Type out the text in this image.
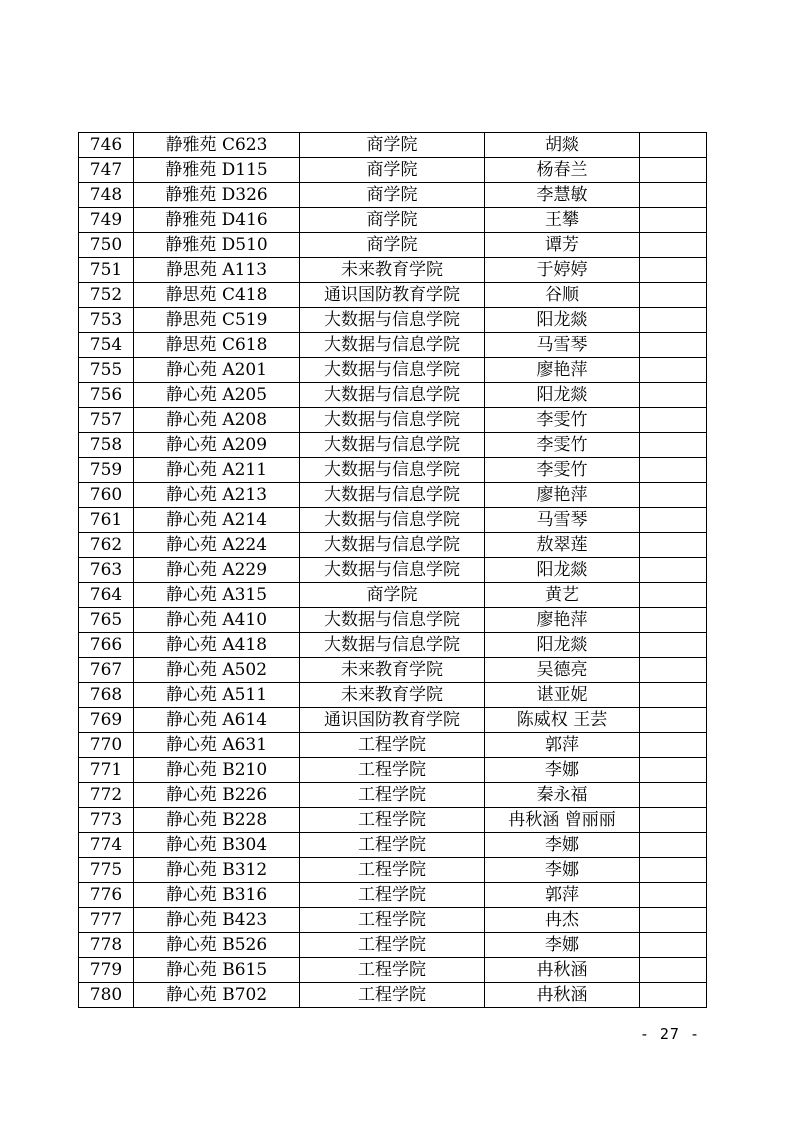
746	静雅苑 C623	商学院	胡燚	
747	静雅苑 D115	商学院	杨春兰	
748	静雅苑 D326	商学院	李慧敏	
749	静雅苑 D416	商学院	王攀	
750	静雅苑 D510	商学院	谭芳	
751	静思苑 A113	未来教育学院	于婷婷	
752	静思苑 C418	通识国防教育学院	谷顺	
753	静思苑 C519	大数据与信息学院	阳龙燚	
754	静思苑 C618	大数据与信息学院	马雪琴	
755	静心苑 A201	大数据与信息学院	廖艳萍	
756	静心苑 A205	大数据与信息学院	阳龙燚	
757	静心苑 A208	大数据与信息学院	李雯竹	
758	静心苑 A209	大数据与信息学院	李雯竹	
759	静心苑 A211	大数据与信息学院	李雯竹	
760	静心苑 A213	大数据与信息学院	廖艳萍	
761	静心苑 A214	大数据与信息学院	马雪琴	
762	静心苑 A224	大数据与信息学院	敖翠莲	
763	静心苑 A229	大数据与信息学院	阳龙燚	
764	静心苑 A315	商学院	黄艺	
765	静心苑 A410	大数据与信息学院	廖艳萍	
766	静心苑 A418	大数据与信息学院	阳龙燚	
767	静心苑 A502	未来教育学院	吴德亮	
768	静心苑 A511	未来教育学院	谌亚妮	
769	静心苑 A614	通识国防教育学院	陈威权 王芸	
770	静心苑 A631	工程学院	郭萍	
771	静心苑 B210	工程学院	李娜	
772	静心苑 B226	工程学院	秦永福	
773	静心苑 B228	工程学院	冉秋涵 曾丽丽	
774	静心苑 B304	工程学院	李娜	
775	静心苑 B312	工程学院	李娜	
776	静心苑 B316	工程学院	郭萍	
777	静心苑 B423	工程学院	冉杰	
778	静心苑 B526	工程学院	李娜	
779	静心苑 B615	工程学院	冉秋涵	
780	静心苑 B702	工程学院	冉秋涵	
- 27 -
